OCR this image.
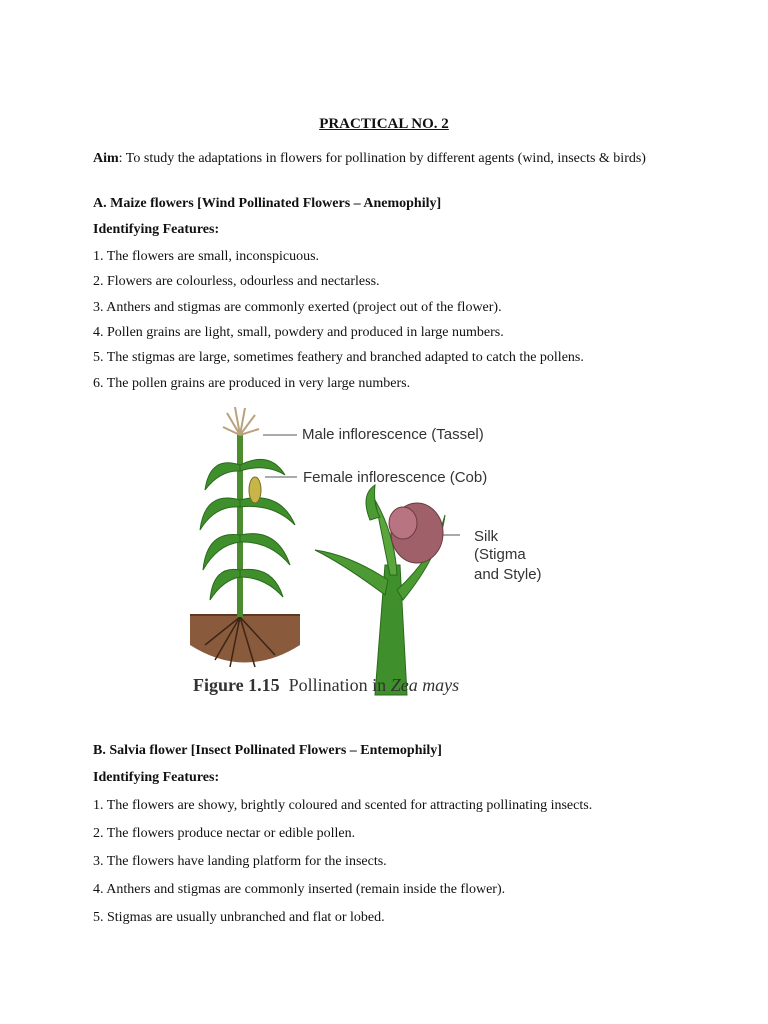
PRACTICAL NO. 2
Aim: To study the adaptations in flowers for pollination by different agents (wind, insects & birds)
A. Maize flowers [Wind Pollinated Flowers – Anemophily]
Identifying Features:
1. The flowers are small, inconspicuous.
2. Flowers are colourless, odourless and nectarless.
3. Anthers and stigmas are commonly exerted (project out of the flower).
4. Pollen grains are light, small, powdery and produced in large numbers.
5. The stigmas are large, sometimes feathery and branched adapted to catch the pollens.
6. The pollen grains are produced in very large numbers.
Male inflorescence (Tassel)
Female inflorescence (Cob)
Silk
(Stigma
and Style)
Figure 1.15 Pollination in Zea mays
B. Salvia flower [Insect Pollinated Flowers – Entemophily]
Identifying Features:
1. The flowers are showy, brightly coloured and scented for attracting pollinating insects.
2. The flowers produce nectar or edible pollen.
3. The flowers have landing platform for the insects.
4. Anthers and stigmas are commonly inserted (remain inside the flower).
5. Stigmas are usually unbranched and flat or lobed.
